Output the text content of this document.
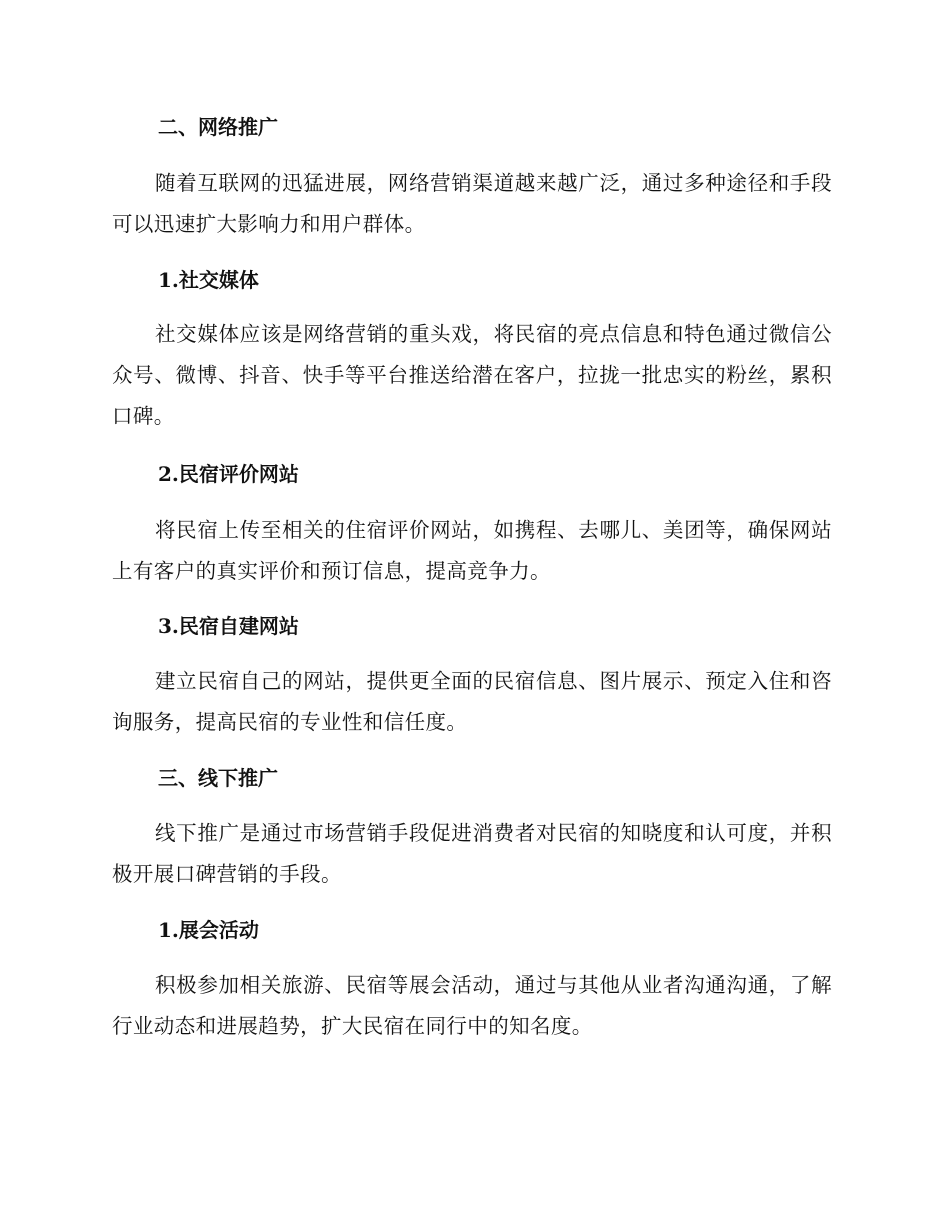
二、网络推广
随着互联网的迅猛进展，网络营销渠道越来越广泛，通过多种途径和手段可以迅速扩大影响力和用户群体。
1.社交媒体
社交媒体应该是网络营销的重头戏，将民宿的亮点信息和特色通过微信公众号、微博、抖音、快手等平台推送给潜在客户，拉拢一批忠实的粉丝，累积口碑。
2.民宿评价网站
将民宿上传至相关的住宿评价网站，如携程、去哪儿、美团等，确保网站上有客户的真实评价和预订信息，提高竞争力。
3.民宿自建网站
建立民宿自己的网站，提供更全面的民宿信息、图片展示、预定入住和咨询服务，提高民宿的专业性和信任度。
三、线下推广
线下推广是通过市场营销手段促进消费者对民宿的知晓度和认可度，并积极开展口碑营销的手段。
1.展会活动
积极参加相关旅游、民宿等展会活动，通过与其他从业者沟通沟通，了解行业动态和进展趋势，扩大民宿在同行中的知名度。
